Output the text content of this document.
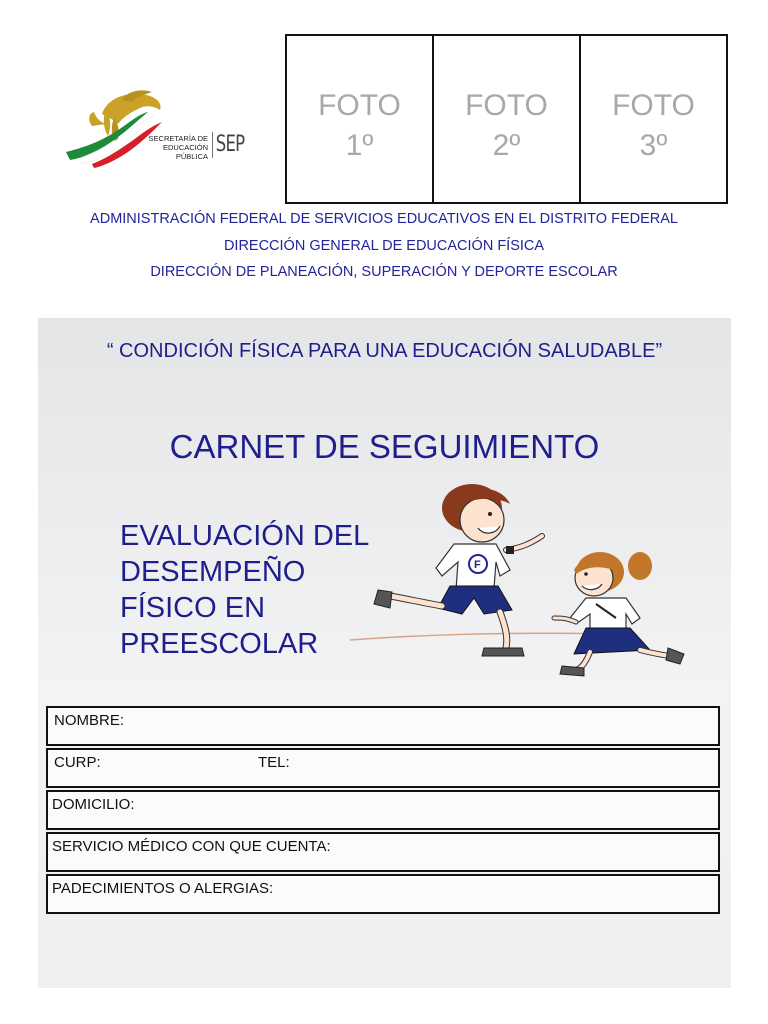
SECRETARÍA DE
EDUCACIÓN
PÚBLICA SEP
FOTO
1º
FOTO
2º
FOTO
3º
ADMINISTRACIÓN FEDERAL DE SERVICIOS EDUCATIVOS EN EL DISTRITO FEDERAL
DIRECCIÓN GENERAL DE EDUCACIÓN FÍSICA
DIRECCIÓN DE PLANEACIÓN, SUPERACIÓN Y DEPORTE ESCOLAR
“ CONDICIÓN FÍSICA PARA UNA EDUCACIÓN SALUDABLE”
CARNET DE SEGUIMIENTO
EVALUACIÓN DEL
DESEMPEÑO
FÍSICO EN
PREESCOLAR
F
NOMBRE:
CURP:	TEL:
DOMICILIO:
SERVICIO MÉDICO CON QUE CUENTA:
PADECIMIENTOS O ALERGIAS:
